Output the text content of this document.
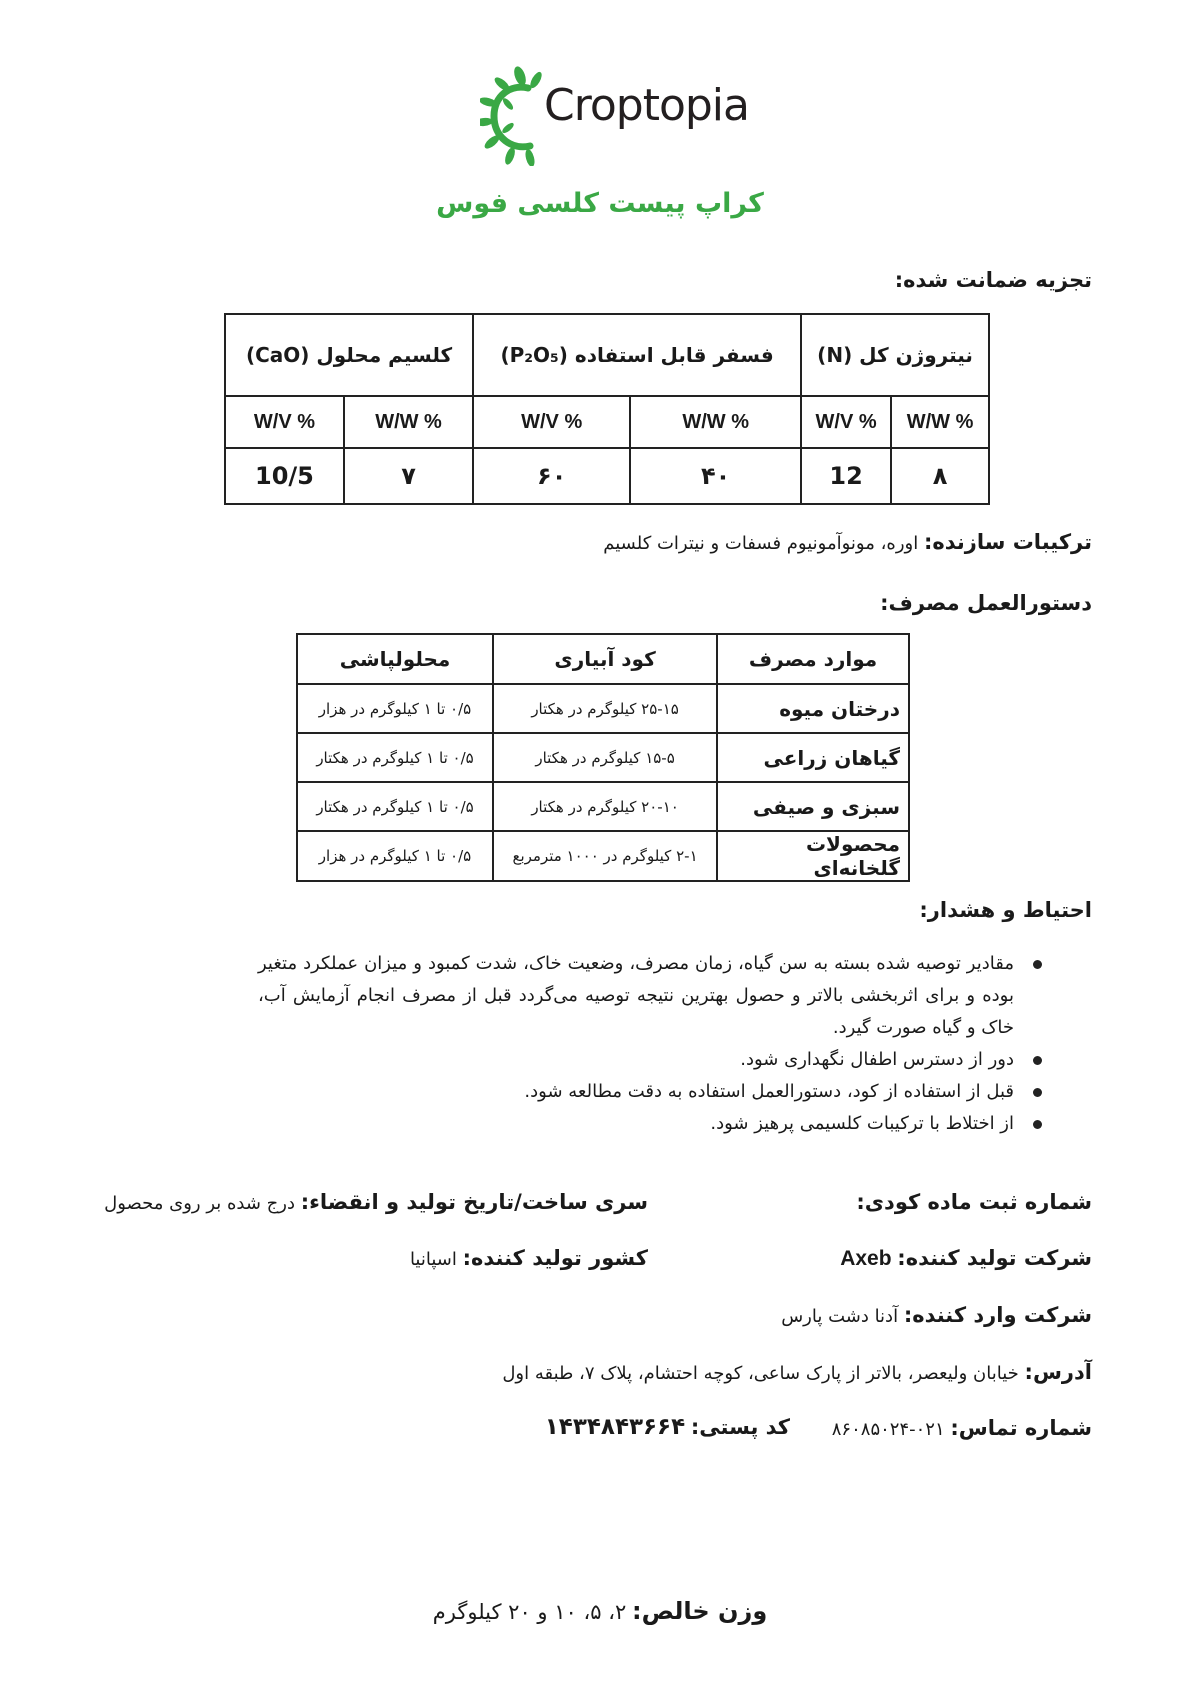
Croptopia
کراپ پیست کلسی فوس
تجزیه ضمانت شده:
نیتروژن کل (N)		فسفر قابل استفاده (P₂O₅)		کلسیم محلول (CaO)	
W/W %	W/V %	W/W %	W/V %	W/W %	W/V %
۸	12	۴۰	۶۰	۷	10/5
ترکیبات سازنده: اوره، مونوآمونیوم فسفات و نیترات کلسیم
دستورالعمل مصرف:
موارد مصرف	کود آبیاری	محلولپاشی
درختان میوه	۲۵-۱۵ کیلوگرم در هکتار	۰/۵ تا ۱ کیلوگرم در هزار
گیاهان زراعی	۱۵-۵ کیلوگرم در هکتار	۰/۵ تا ۱ کیلوگرم در هکتار
سبزی و صیفی	۲۰-۱۰ کیلوگرم در هکتار	۰/۵ تا ۱ کیلوگرم در هکتار
محصولات گلخانه‌ای	۲-۱ کیلوگرم در ۱۰۰۰ مترمربع	۰/۵ تا ۱ کیلوگرم در هزار
احتیاط و هشدار:
مقادیر توصیه شده بسته به سن گیاه، زمان مصرف، وضعیت خاک، شدت کمبود و میزان عملکرد متغیر بوده و برای اثربخشی بالاتر و حصول بهترین نتیجه توصیه می‌گردد قبل از مصرف انجام آزمایش آب، خاک و گیاه صورت گیرد.
دور از دسترس اطفال نگهداری شود.
قبل از استفاده از کود، دستورالعمل استفاده به دقت مطالعه شود.
از اختلاط با ترکیبات کلسیمی پرهیز شود.
شماره ثبت ماده کودی:
سری ساخت/تاریخ تولید و انقضاء: درج شده بر روی محصول
شرکت تولید کننده: Axeb
کشور تولید کننده: اسپانیا
شرکت وارد کننده: آدنا دشت پارس
آدرس: خیابان ولیعصر، بالاتر از پارک ساعی، کوچه احتشام، پلاک ۷، طبقه اول
شماره تماس: ۰۲۱-۸۶۰۸۵۰۲۴
کد پستی: ۱۴۳۴۸۴۳۶۶۴
وزن خالص: ۲، ۵، ۱۰ و ۲۰ کیلوگرم
